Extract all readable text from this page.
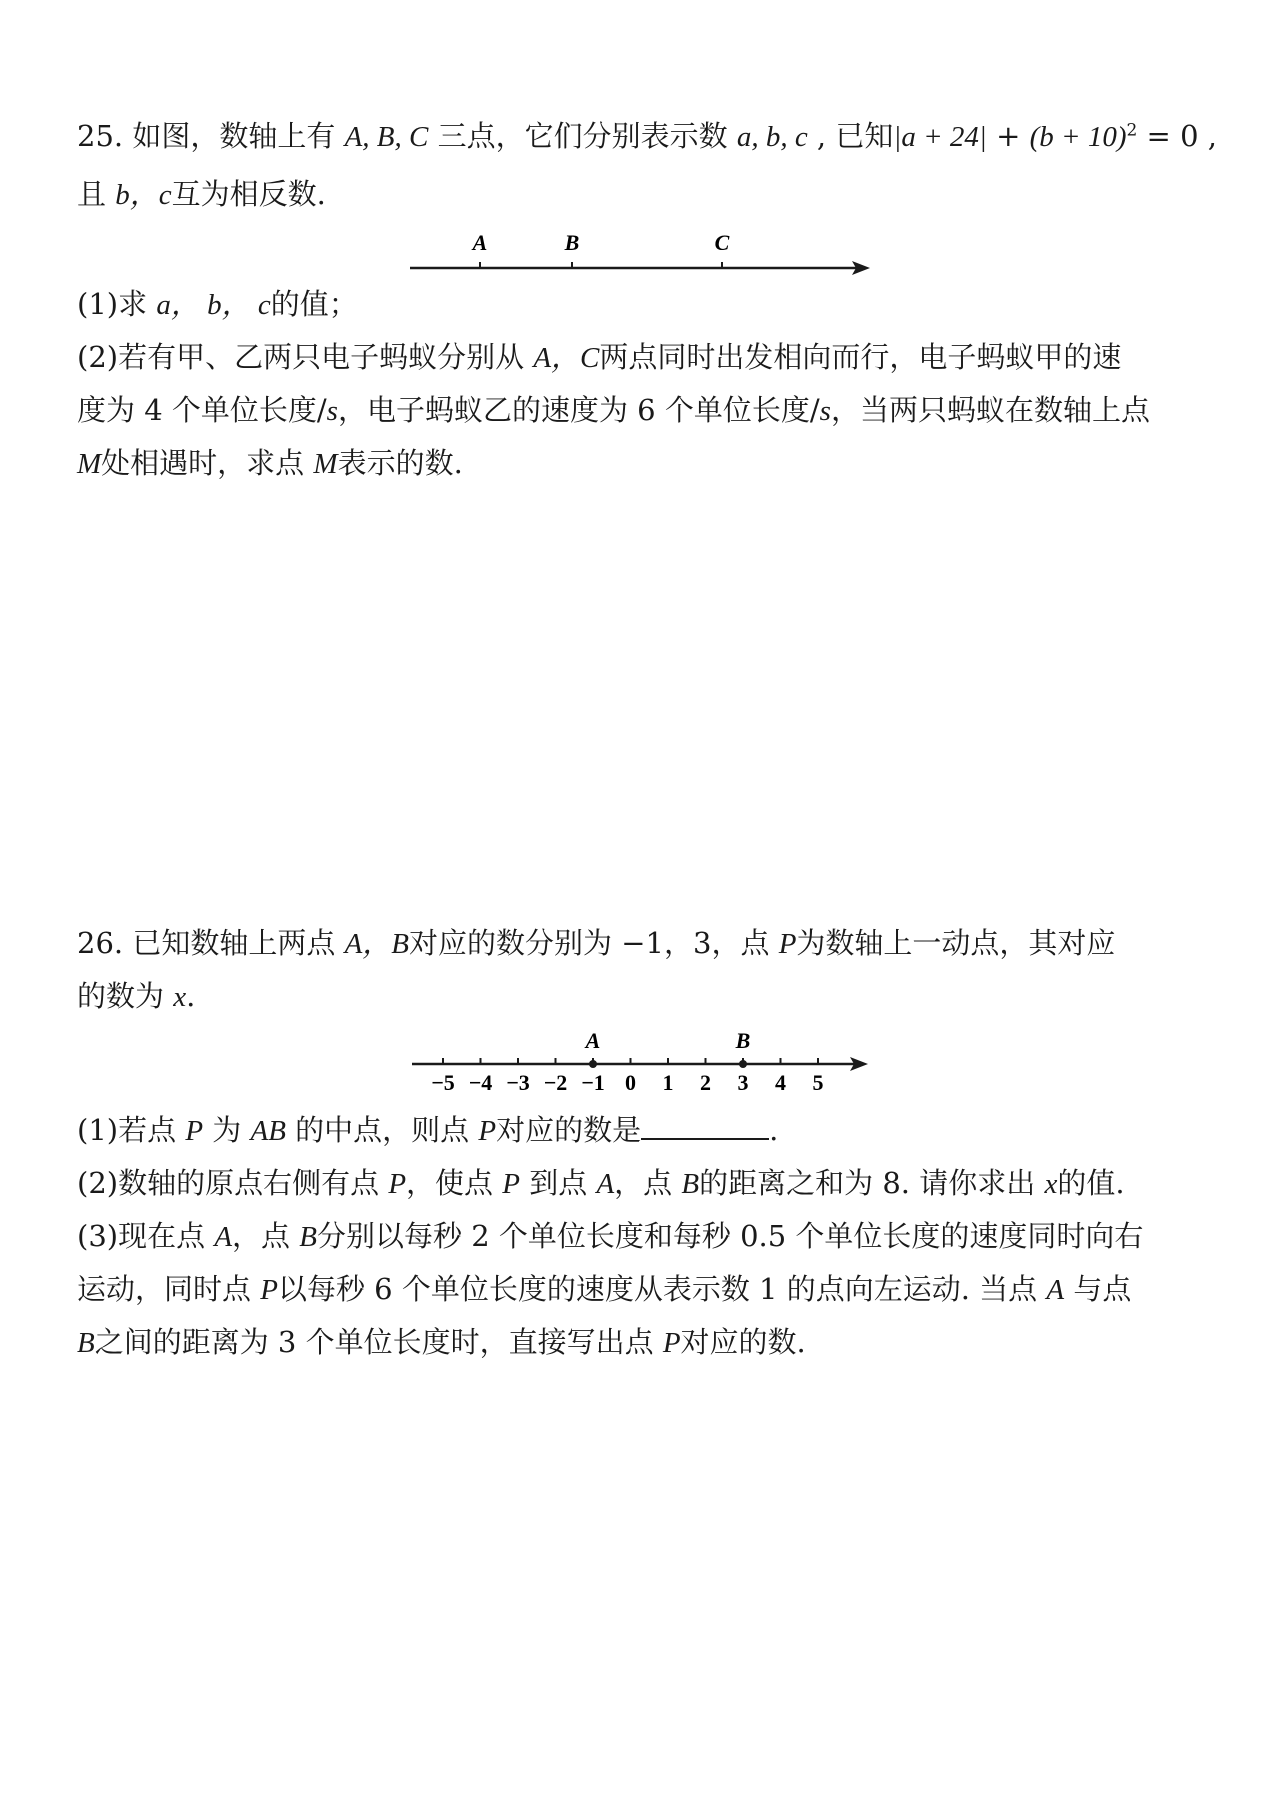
25. 如图，数轴上有 A, B, C 三点，它们分别表示数 a, b, c , 已知$|a + 24| + (b + 10)^2 = 0$ ,
且 b，c互为相反数.
A	B	C
(1)求 a， b， c的值；
(2)若有甲、乙两只电子蚂蚁分别从 A，C两点同时出发相向而行，电子蚂蚁甲的速
度为 4 个单位长度/s，电子蚂蚁乙的速度为 6 个单位长度/s，当两只蚂蚁在数轴上点
M处相遇时，求点 M表示的数.
26. 已知数轴上两点 A，B对应的数分别为 −1，3，点 P为数轴上一动点，其对应
的数为 x.
−5 −4 −3 −2 −1 0 1 2 3 4 5
A	B
(1)若点 P 为 AB 的中点，则点 P对应的数是	.
(2)数轴的原点右侧有点 P，使点 P 到点 A，点 B的距离之和为 8. 请你求出 x的值.
(3)现在点 A，点 B分别以每秒 2 个单位长度和每秒 0.5 个单位长度的速度同时向右
运动，同时点 P以每秒 6 个单位长度的速度从表示数 1 的点向左运动. 当点 A 与点
B之间的距离为 3 个单位长度时，直接写出点 P对应的数.
